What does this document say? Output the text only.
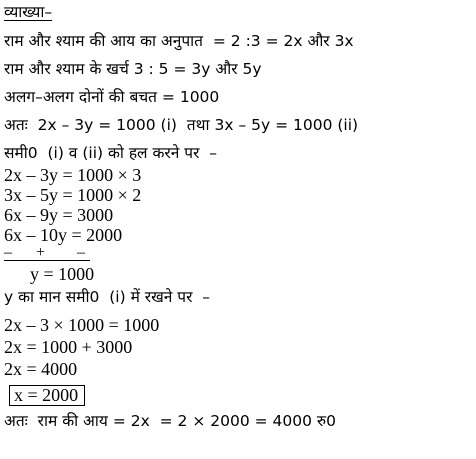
व्याख्या–
राम और श्याम की आय का अनुपात  = 2 :3 = 2x और 3x
राम और श्याम के खर्च 3 : 5 = 3y और 5y
अलग–अलग दोनों की बचत = 1000
अतः  2x – 3y = 1000 (i)  तथा 3x – 5y = 1000 (ii)
समी0  (i) व (ii) को हल करने पर  –
2x – 3y = 1000 × 3
3x – 5y = 1000 × 2
6x – 9y = 3000
6x – 10y = 2000
–      +        –
y = 1000
y का मान समी0  (i) में रखने पर  –
2x – 3 × 1000 = 1000
2x = 1000 + 3000
2x = 4000
x = 2000
अतः  राम की आय = 2x  = 2 × 2000 = 4000 रु0
